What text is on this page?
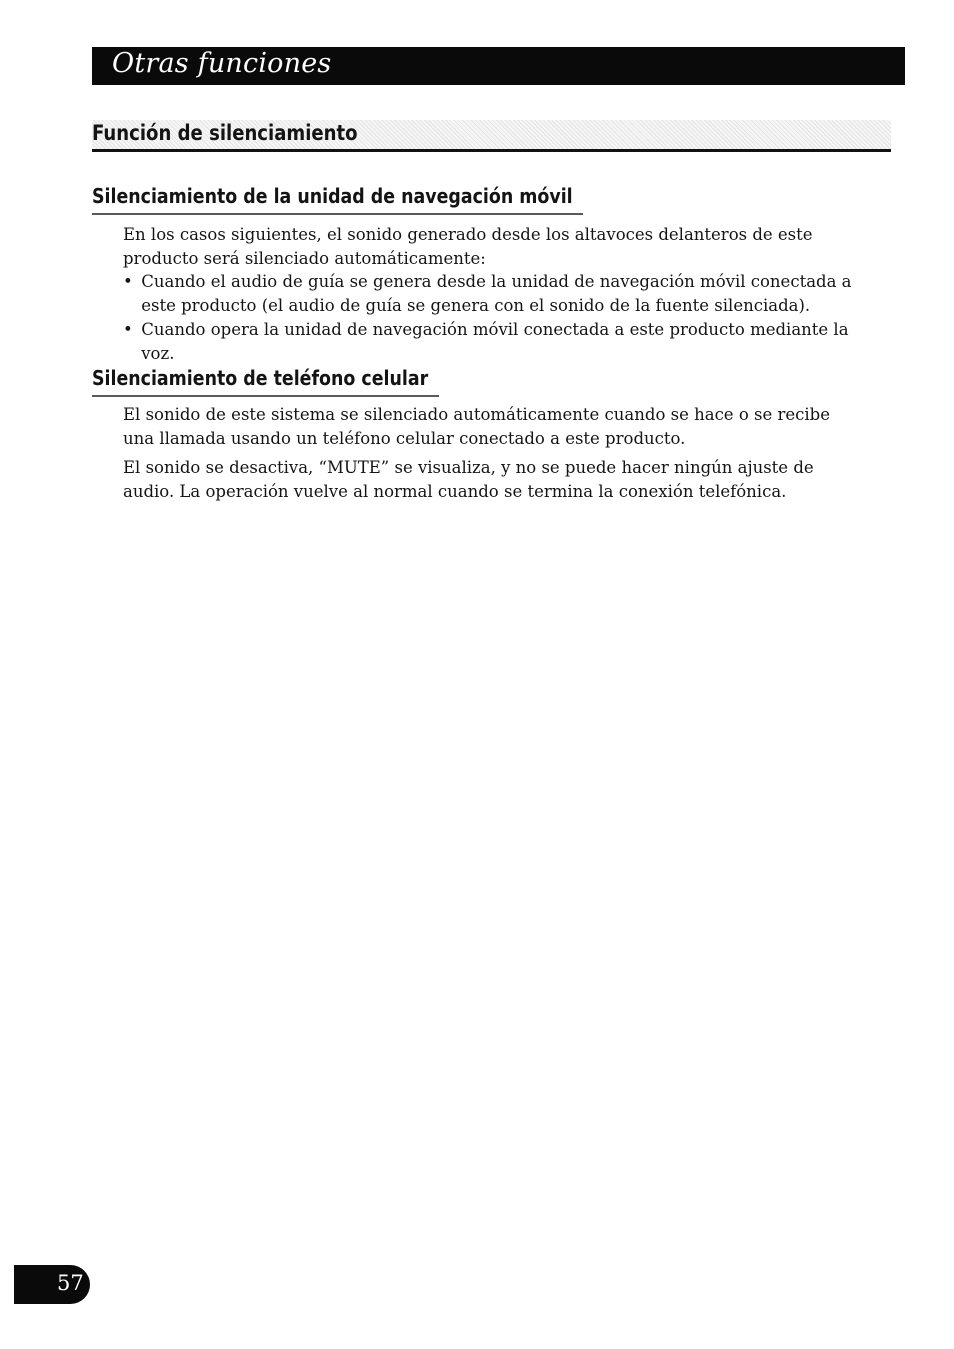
Otras funciones
Función de silenciamiento
Silenciamiento de la unidad de navegación móvil

En los casos siguientes, el sonido generado desde los altavoces delanteros de este producto será silenciado automáticamente:

• Cuando el audio de guía se genera desde la unidad de navegación móvil conectada a este producto (el audio de guía se genera con el sonido de la fuente silenciada).
• Cuando opera la unidad de navegación móvil conectada a este producto mediante la voz.
Silenciamiento de teléfono celular

El sonido de este sistema se silenciado automáticamente cuando se hace o se recibe una llamada usando un teléfono celular conectado a este producto.

El sonido se desactiva, “MUTE” se visualiza, y no se puede hacer ningún ajuste de audio. La operación vuelve al normal cuando se termina la conexión telefónica.

57
